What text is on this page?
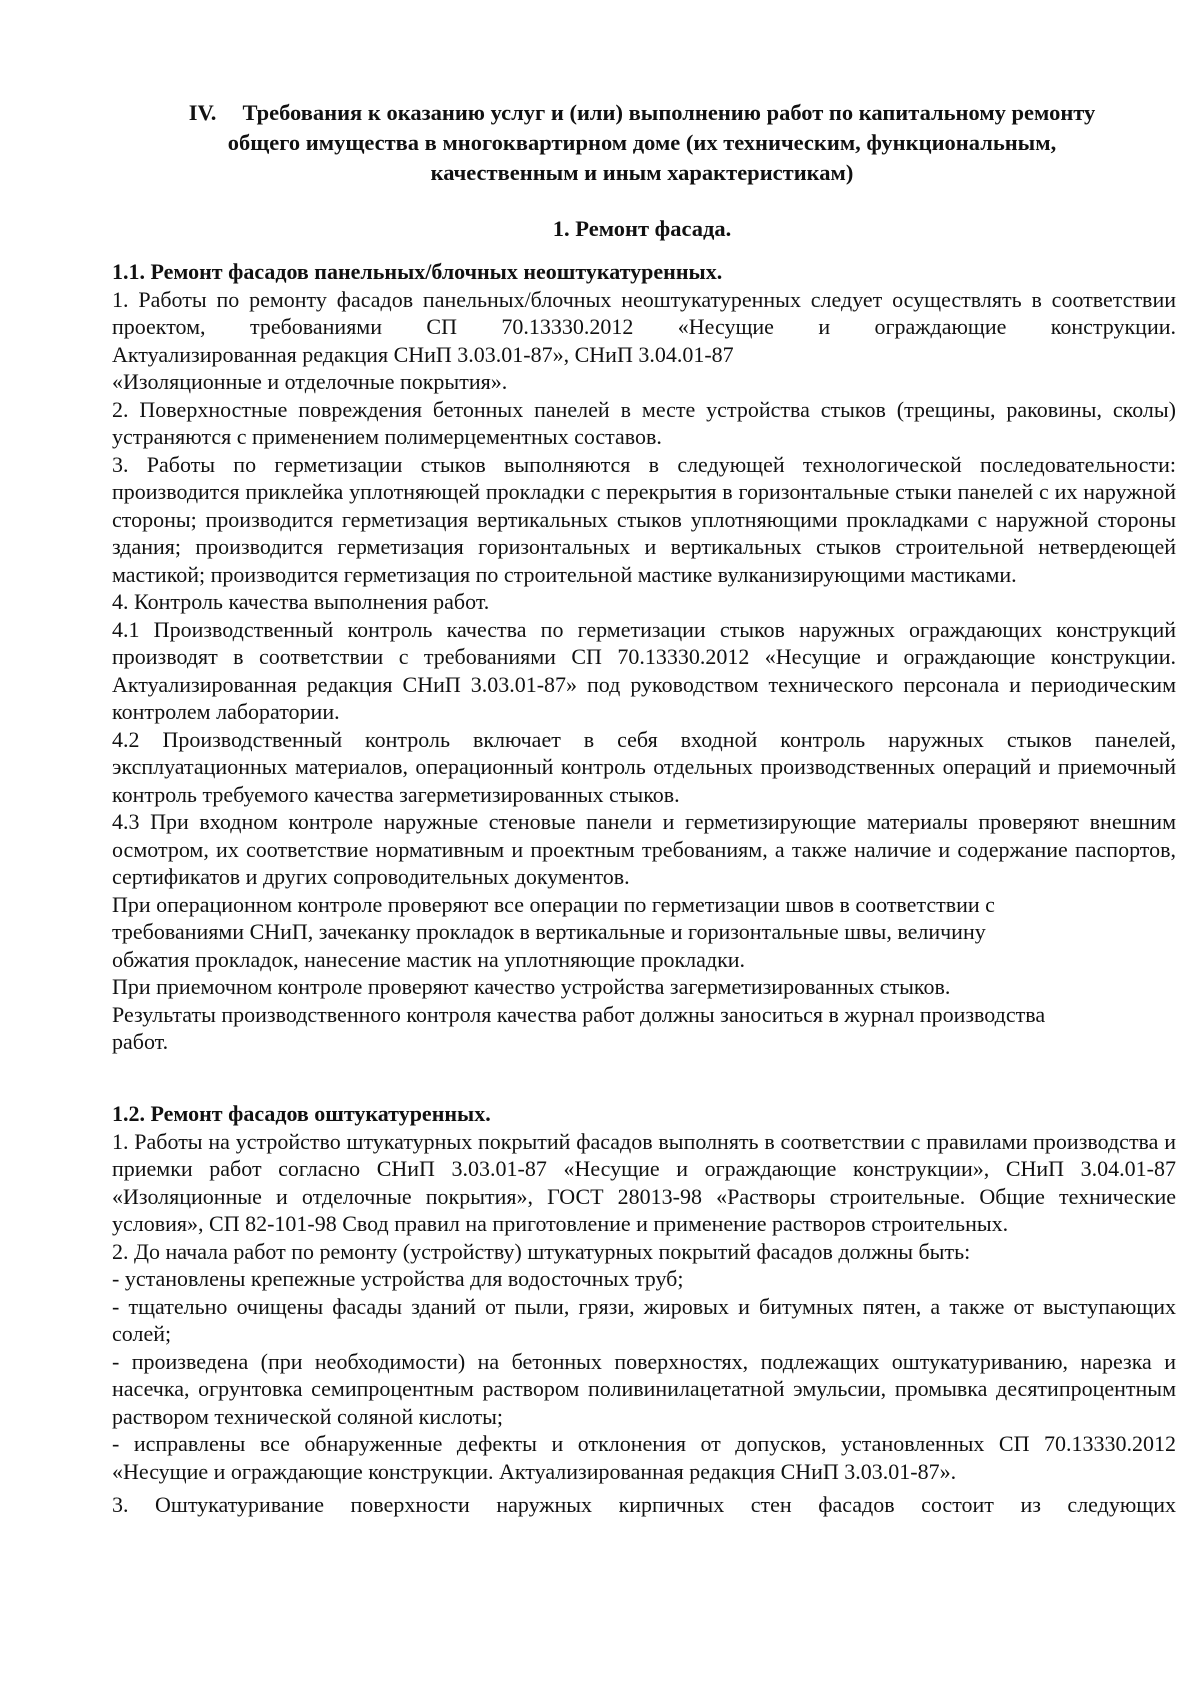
IV. Требования к оказанию услуг и (или) выполнению работ по капитальному ремонту
общего имущества в многоквартирном доме (их техническим, функциональным,
качественным и иным характеристикам)
1. Ремонт фасада.
1.1. Ремонт фасадов панельных/блочных неоштукатуренных.

1. Работы по ремонту фасадов панельных/блочных неоштукатуренных следует осуществлять в соответствии проектом, требованиями СП 70.13330.2012 «Несущие и ограждающие конструкции.

Актуализированная редакция СНиП 3.03.01-87», СНиП 3.04.01-87

«Изоляционные и отделочные покрытия».

2. Поверхностные повреждения бетонных панелей в месте устройства стыков (трещины, раковины, сколы) устраняются с применением полимерцементных составов.

3. Работы по герметизации стыков выполняются в следующей технологической последовательности: производится приклейка уплотняющей прокладки с перекрытия в горизонтальные стыки панелей с их наружной стороны; производится герметизация вертикальных стыков уплотняющими прокладками с наружной стороны здания; производится герметизация горизонтальных и вертикальных стыков строительной нетвердеющей мастикой; производится герметизация по строительной мастике вулканизирующими мастиками.

4. Контроль качества выполнения работ.

4.1 Производственный контроль качества по герметизации стыков наружных ограждающих конструкций производят в соответствии с требованиями СП 70.13330.2012 «Несущие и ограждающие конструкции. Актуализированная редакция СНиП 3.03.01-87» под руководством технического персонала и периодическим контролем лаборатории.

4.2 Производственный контроль включает в себя входной контроль наружных стыков панелей, эксплуатационных материалов, операционный контроль отдельных производственных операций и приемочный контроль требуемого качества загерметизированных стыков.

4.3 При входном контроле наружные стеновые панели и герметизирующие материалы проверяют внешним осмотром, их соответствие нормативным и проектным требованиям, а также наличие и содержание паспортов, сертификатов и других сопроводительных документов.

При операционном контроле проверяют все операции по герметизации швов в соответствии с

требованиями СНиП, зачеканку прокладок в вертикальные и горизонтальные швы, величину

обжатия прокладок, нанесение мастик на уплотняющие прокладки.

При приемочном контроле проверяют качество устройства загерметизированных стыков.

Результаты производственного контроля качества работ должны заноситься в журнал производства

работ.

1.2. Ремонт фасадов оштукатуренных.

1. Работы на устройство штукатурных покрытий фасадов выполнять в соответствии с правилами производства и приемки работ согласно СНиП 3.03.01-87 «Несущие и ограждающие конструкции», СНиП 3.04.01-87 «Изоляционные и отделочные покрытия», ГОСТ 28013-98 «Растворы строительные. Общие технические условия», СП 82-101-98 Свод правил на приготовление и применение растворов строительных.

2. До начала работ по ремонту (устройству) штукатурных покрытий фасадов должны быть:

- установлены крепежные устройства для водосточных труб;

- тщательно очищены фасады зданий от пыли, грязи, жировых и битумных пятен, а также от выступающих солей;

- произведена (при необходимости) на бетонных поверхностях, подлежащих оштукатуриванию, нарезка и насечка, огрунтовка семипроцентным раствором поливинилацетатной эмульсии, промывка десятипроцентным раствором технической соляной кислоты;

- исправлены все обнаруженные дефекты и отклонения от допусков, установленных СП 70.13330.2012 «Несущие и ограждающие конструкции. Актуализированная редакция СНиП 3.03.01-87».

3. Оштукатуривание поверхности наружных кирпичных стен фасадов состоит из следующих
